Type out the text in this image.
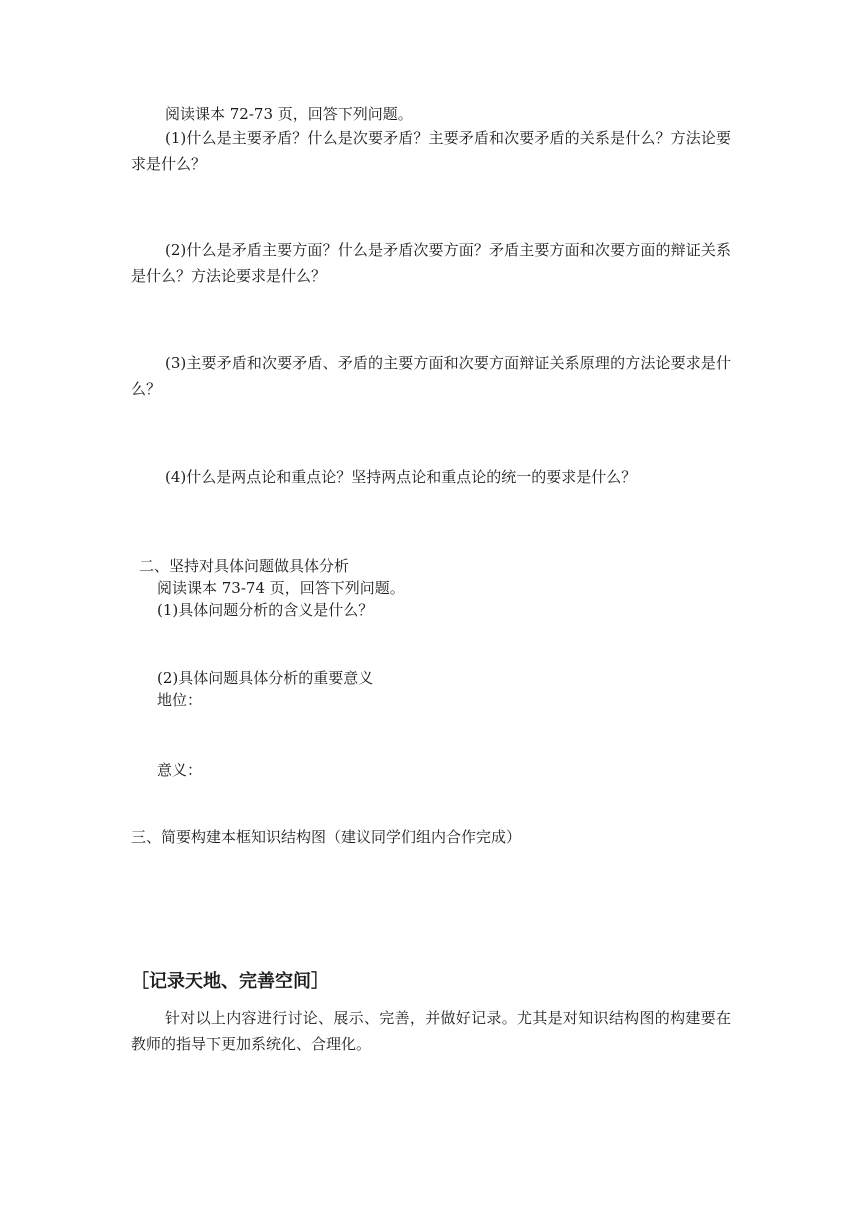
阅读课本 72-73 页，回答下列问题。
(1)什么是主要矛盾？什么是次要矛盾？主要矛盾和次要矛盾的关系是什么？方法论要求是什么？
(2)什么是矛盾主要方面？什么是矛盾次要方面？矛盾主要方面和次要方面的辩证关系是什么？方法论要求是什么？
(3)主要矛盾和次要矛盾、矛盾的主要方面和次要方面辩证关系原理的方法论要求是什么？
(4)什么是两点论和重点论？坚持两点论和重点论的统一的要求是什么？
二、坚持对具体问题做具体分析
阅读课本 73-74 页，回答下列问题。
(1)具体问题分析的含义是什么？
(2)具体问题具体分析的重要意义
地位：
意义：
三、简要构建本框知识结构图（建议同学们组内合作完成）
［记录天地、完善空间］
针对以上内容进行讨论、展示、完善，并做好记录。尤其是对知识结构图的构建要在教师的指导下更加系统化、合理化。
